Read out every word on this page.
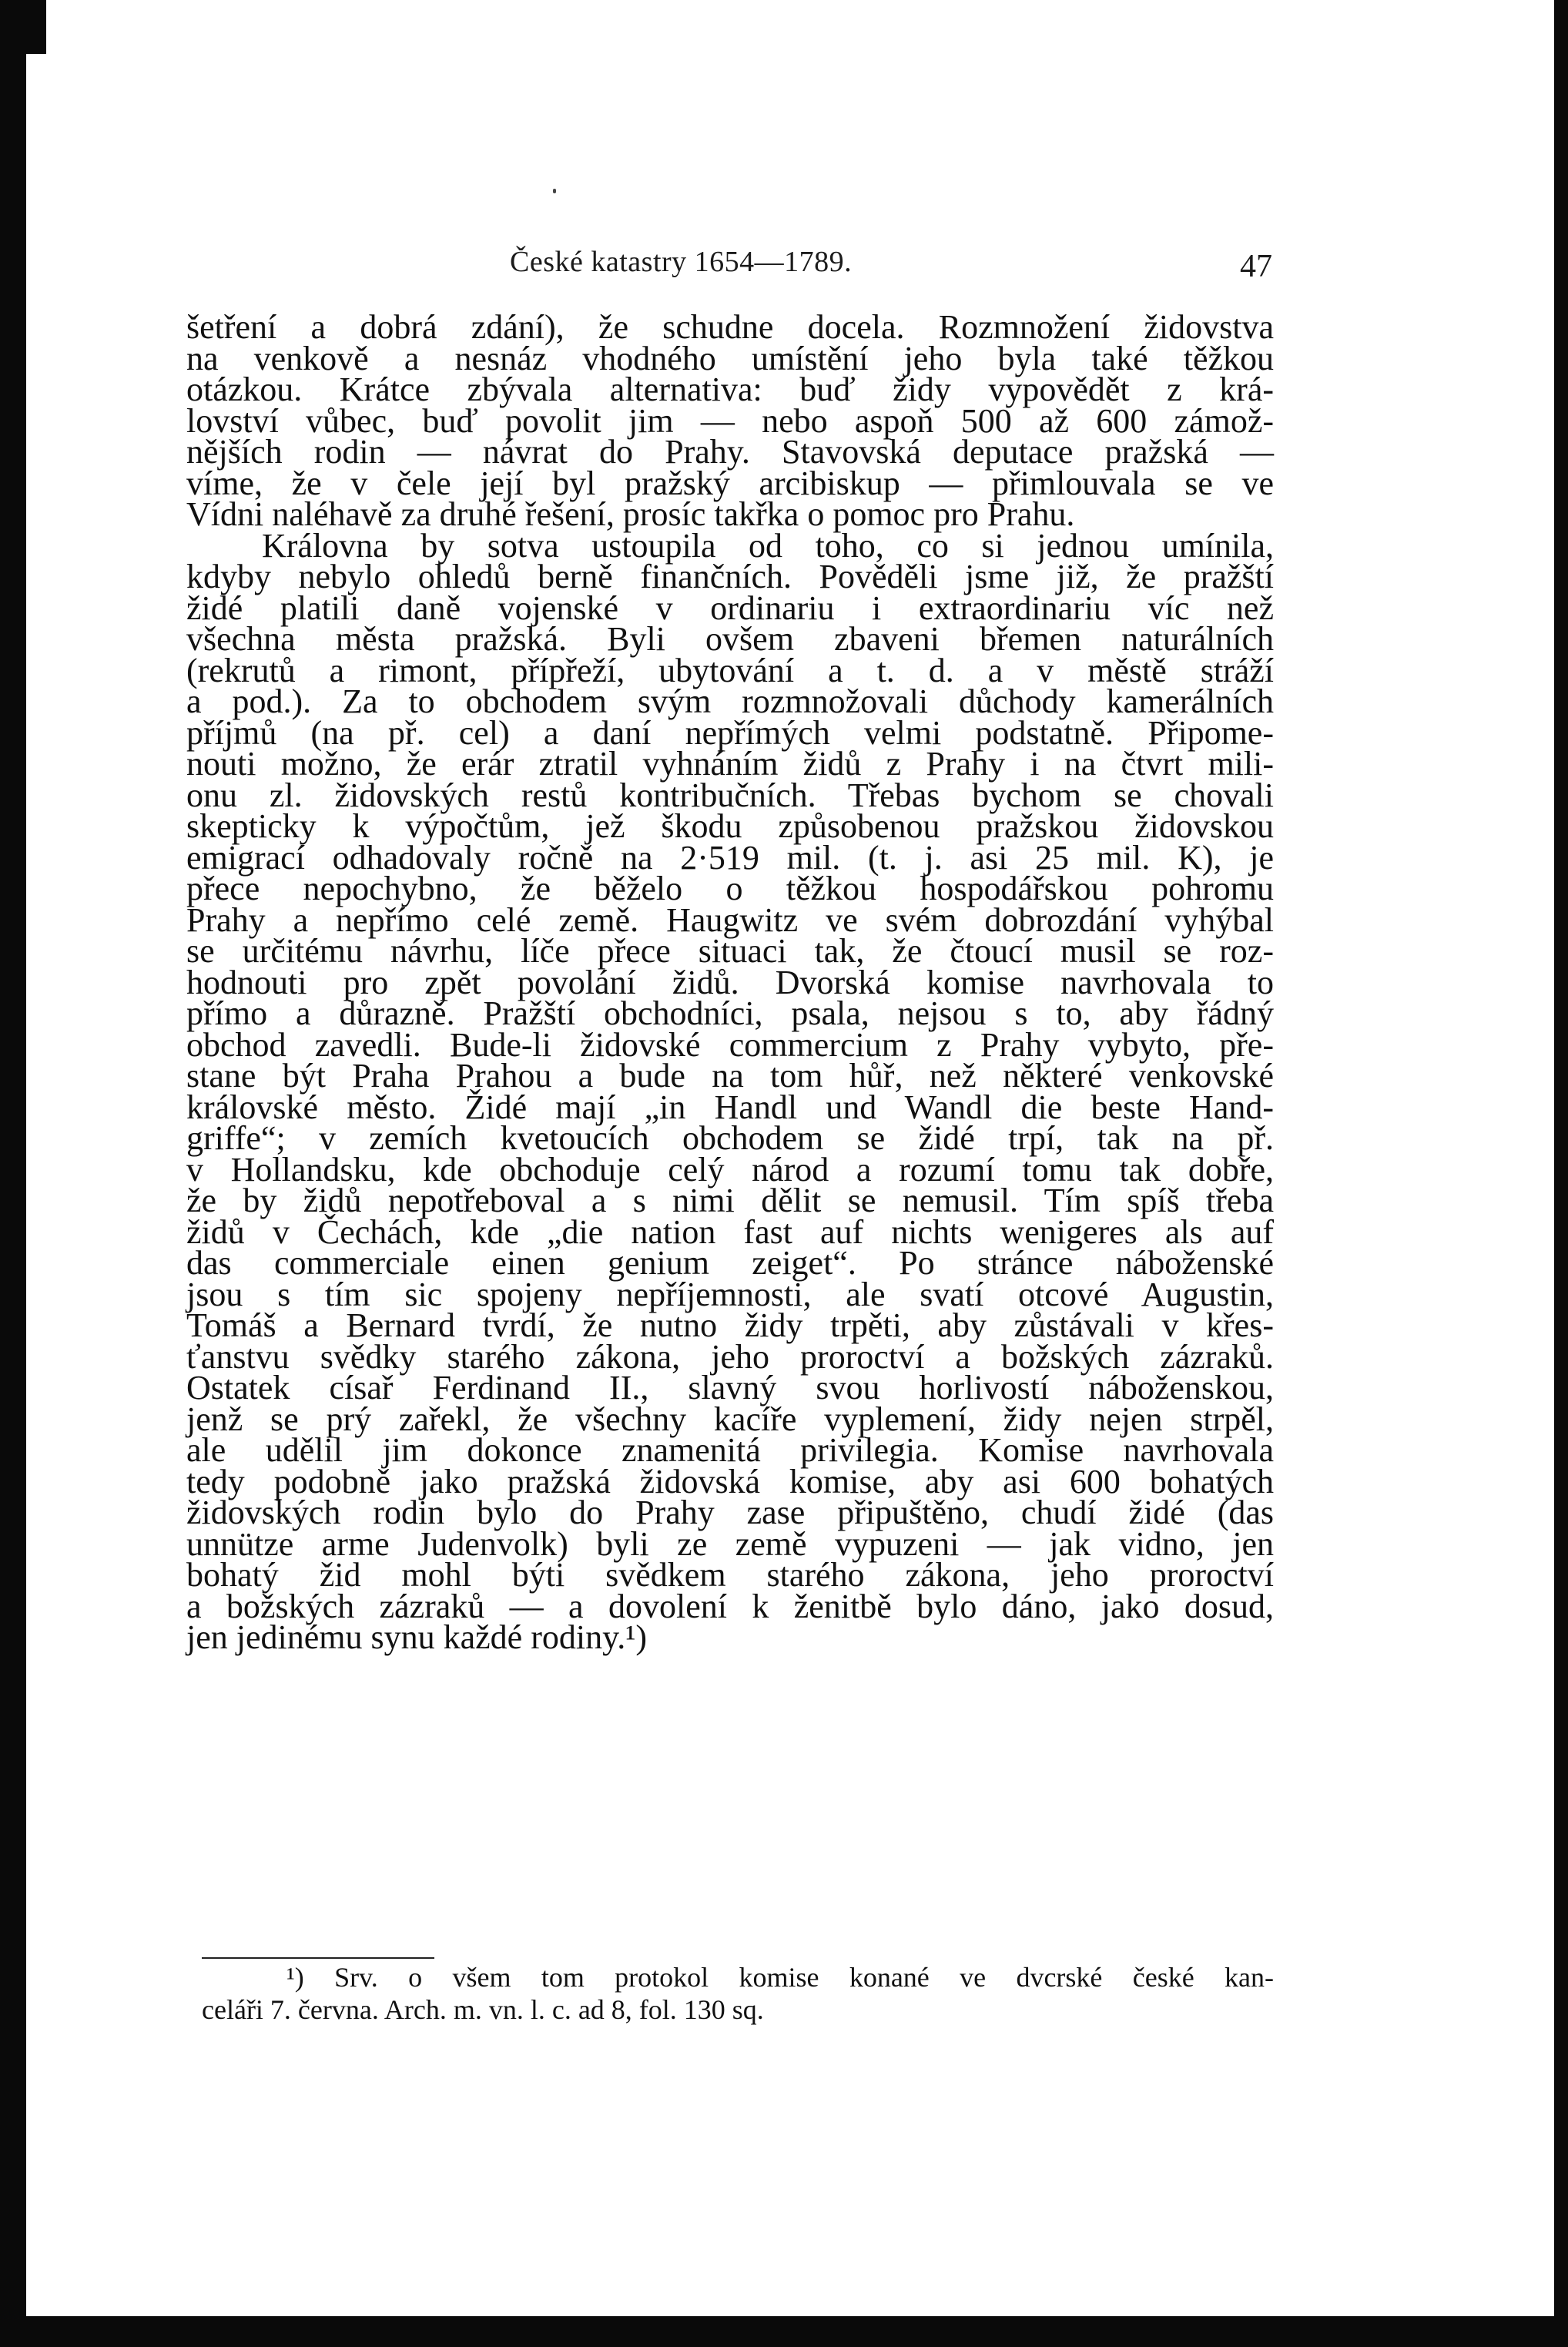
České katastry 1654—1789.	47
šetření a dobrá zdání), že schudne docela. Rozmnožení židovstva
na venkově a nesnáz vhodného umístění jeho byla také těžkou
otázkou. Krátce zbývala alternativa: buď židy vypovědět z krá-
lovství vůbec, buď povolit jim — nebo aspoň 500 až 600 zámož-
nějších rodin — návrat do Prahy. Stavovská deputace pražská —
víme, že v čele její byl pražský arcibiskup — přimlouvala se ve
Vídni naléhavě za druhé řešení, prosíc takřka o pomoc pro Prahu.
Královna by sotva ustoupila od toho, co si jednou umínila,
kdyby nebylo ohledů berně finančních. Pověděli jsme již, že pražští
židé platili daně vojenské v ordinariu i extraordinariu víc než
všechna města pražská. Byli ovšem zbaveni břemen naturálních
(rekrutů a rimont, přípřeží, ubytování a t. d. a v městě stráží
a pod.). Za to obchodem svým rozmnožovali důchody kamerálních
příjmů (na př. cel) a daní nepřímých velmi podstatně. Připome-
nouti možno, že erár ztratil vyhnáním židů z Prahy i na čtvrt mili-
onu zl. židovských restů kontribučních. Třebas bychom se chovali
skepticky k výpočtům, jež škodu způsobenou pražskou židovskou
emigrací odhadovaly ročně na 2·519 mil. (t. j. asi 25 mil. K), je
přece nepochybno, že běželo o těžkou hospodářskou pohromu
Prahy a nepřímo celé země. Haugwitz ve svém dobrozdání vyhýbal
se určitému návrhu, líče přece situaci tak, že čtoucí musil se roz-
hodnouti pro zpět povolání židů. Dvorská komise navrhovala to
přímo a důrazně. Pražští obchodníci, psala, nejsou s to, aby řádný
obchod zavedli. Bude-li židovské commercium z Prahy vybyto, pře-
stane být Praha Prahou a bude na tom hůř, než některé venkovské
královské město. Židé mají „in Handl und Wandl die beste Hand-
griffe“; v zemích kvetoucích obchodem se židé trpí, tak na př.
v Hollandsku, kde obchoduje celý národ a rozumí tomu tak dobře,
že by židů nepotřeboval a s nimi dělit se nemusil. Tím spíš třeba
židů v Čechách, kde „die nation fast auf nichts wenigeres als auf
das commerciale einen genium zeiget“. Po stránce náboženské
jsou s tím sic spojeny nepříjemnosti, ale svatí otcové Augustin,
Tomáš a Bernard tvrdí, že nutno židy trpěti, aby zůstávali v křes-
ťanstvu svědky starého zákona, jeho proroctví a božských zázraků.
Ostatek císař Ferdinand II., slavný svou horlivostí náboženskou,
jenž se prý zařekl, že všechny kacíře vyplemení, židy nejen strpěl,
ale udělil jim dokonce znamenitá privilegia. Komise navrhovala
tedy podobně jako pražská židovská komise, aby asi 600 bohatých
židovských rodin bylo do Prahy zase připuštěno, chudí židé (das
unnütze arme Judenvolk) byli ze země vypuzeni — jak vidno, jen
bohatý žid mohl býti svědkem starého zákona, jeho proroctví
a božských zázraků — a dovolení k ženitbě bylo dáno, jako dosud,
jen jedinému synu každé rodiny.¹)
¹) Srv. o všem tom protokol komise konané ve dvcrské české kan-
celáři 7. června. Arch. m. vn. l. c. ad 8, fol. 130 sq.
